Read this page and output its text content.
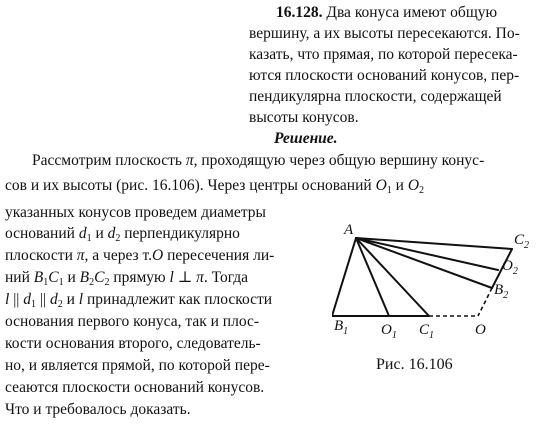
16.128. Два конуса имеют общую
вершину, а их высоты пересекаются. По-
казать, что прямая, по которой пересека-
ются плоскости оснований конусов, пер-
пендикулярна плоскости, содержащей
высоты конусов.
Решение.
Рассмотрим плоскость π, проходящую через общую вершину конус-
сов и их высоты (рис. 16.106). Через центры оснований $O_1$ и $O_2$
указанных конусов проведем диаметры
оснований $d_1$ и $d_2$ перпендикулярно
плоскости π, а через т.O пересечения ли-
ний $B_1C_1$ и $B_2C_2$ прямую l ⊥ π. Тогда
l || $d_1$ || $d_2$ и l принадлежит как плоскости
основания первого конуса, так и плос-
кости основания второго, следователь-
но, и является прямой, по которой пере-
сеаются плоскости оснований конусов.
Что и требовалось доказать.
A
$C_2$
$O_2$
$B_2$
$B_1$ $O_1$ $C_1$	O
Рис. 16.106
